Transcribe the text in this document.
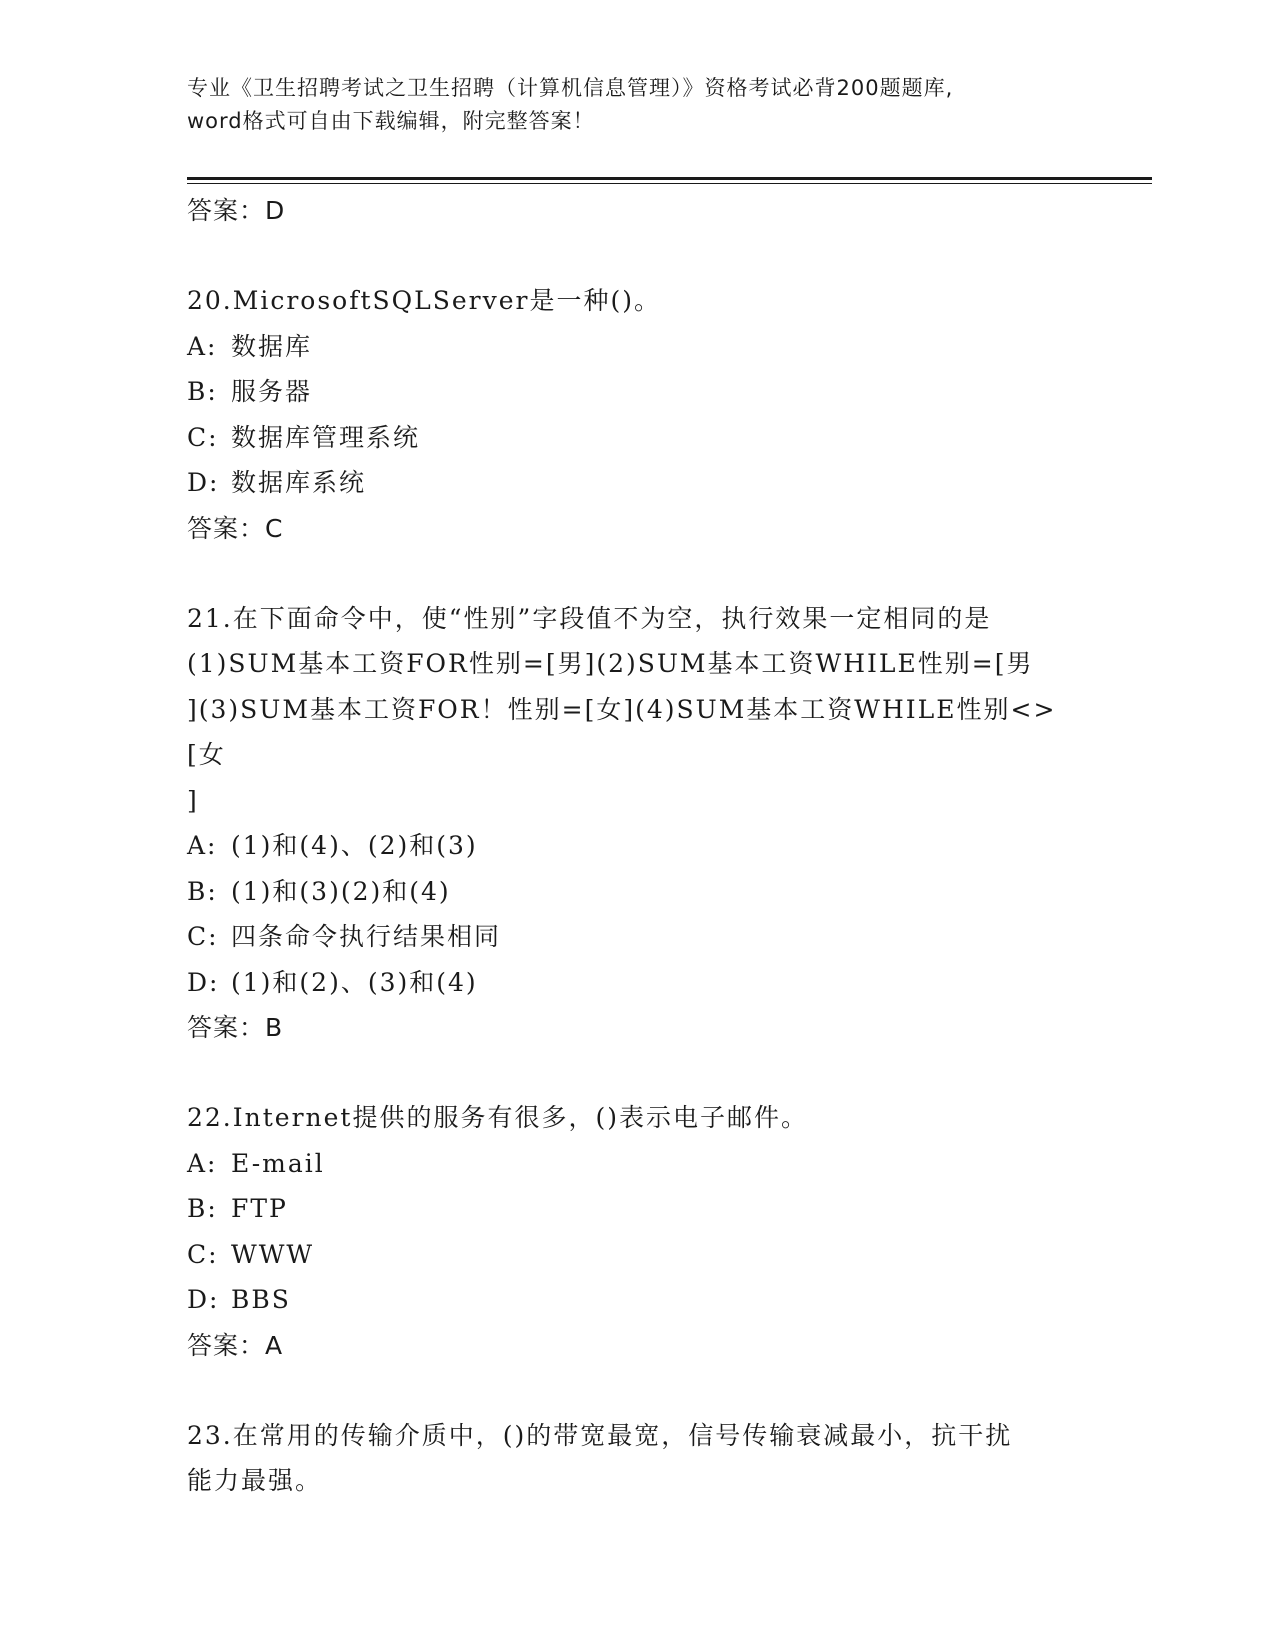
专业《卫生招聘考试之卫生招聘（计算机信息管理）》资格考试必背200题题库,
word格式可自由下载编辑，附完整答案！
答案：D
20.MicrosoftSQLServer是一种()。
A: 数据库
B: 服务器
C: 数据库管理系统
D: 数据库系统
答案：C
21.在下面命令中，使“性别”字段值不为空，执行效果一定相同的是
(1)SUM基本工资FOR性别=[男](2)SUM基本工资WHILE性别=[男
](3)SUM基本工资FOR！性别=[女](4)SUM基本工资WHILE性别<>[女
]
A: (1)和(4)、(2)和(3)
B: (1)和(3)(2)和(4)
C: 四条命令执行结果相同
D: (1)和(2)、(3)和(4)
答案：B
22.Internet提供的服务有很多，()表示电子邮件。
A: E-mail
B: FTP
C: WWW
D: BBS
答案：A
23.在常用的传输介质中，()的带宽最宽，信号传输衰减最小，抗干扰
能力最强。
